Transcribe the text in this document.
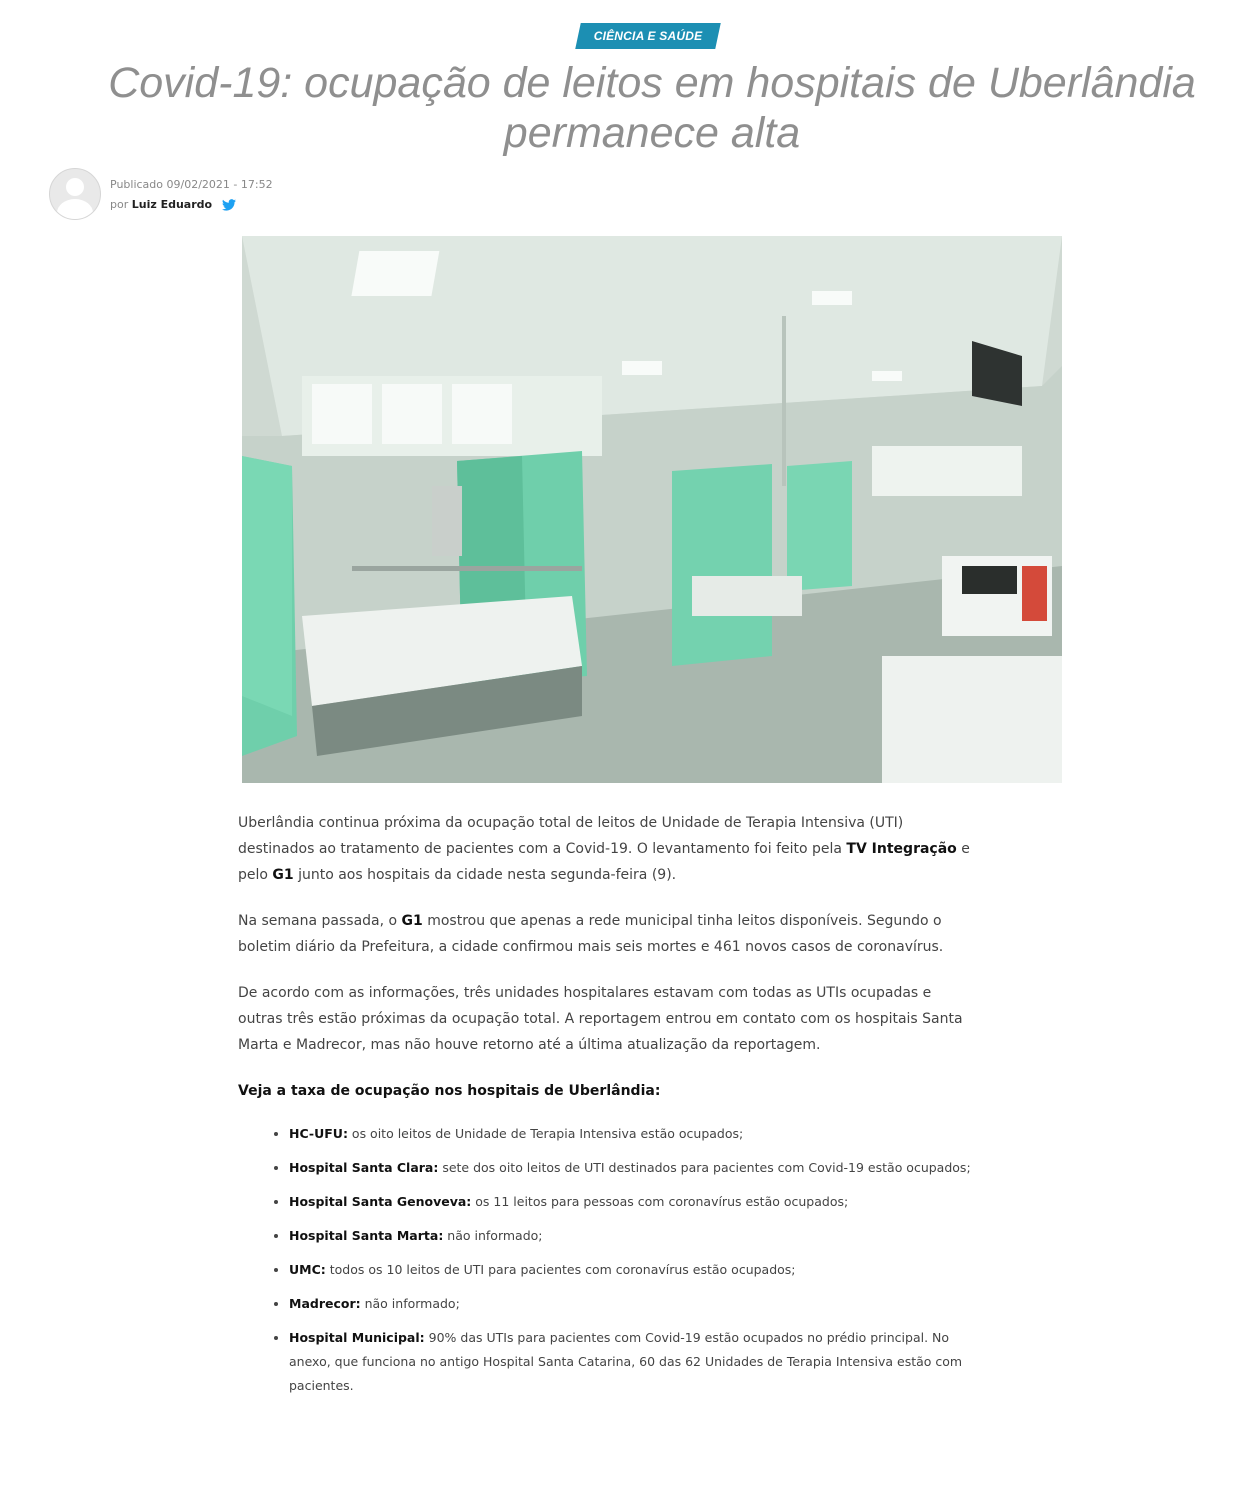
CIÊNCIA E SAÚDE
Covid-19: ocupação de leitos em hospitais de Uberlândia permanece alta
Publicado 09/02/2021 - 17:52
por Luiz Eduardo

Uberlândia continua próxima da ocupação total de leitos de Unidade de Terapia Intensiva (UTI) destinados ao tratamento de pacientes com a Covid-19. O levantamento foi feito pela TV Integração e pelo G1 junto aos hospitais da cidade nesta segunda-feira (9).

Na semana passada, o G1 mostrou que apenas a rede municipal tinha leitos disponíveis. Segundo o boletim diário da Prefeitura, a cidade confirmou mais seis mortes e 461 novos casos de coronavírus.

De acordo com as informações, três unidades hospitalares estavam com todas as UTIs ocupadas e outras três estão próximas da ocupação total. A reportagem entrou em contato com os hospitais Santa Marta e Madrecor, mas não houve retorno até a última atualização da reportagem.

Veja a taxa de ocupação nos hospitais de Uberlândia:

• HC-UFU: os oito leitos de Unidade de Terapia Intensiva estão ocupados;
• Hospital Santa Clara: sete dos oito leitos de UTI destinados para pacientes com Covid-19 estão ocupados;
• Hospital Santa Genoveva: os 11 leitos para pessoas com coronavírus estão ocupados;
• Hospital Santa Marta: não informado;
• UMC: todos os 10 leitos de UTI para pacientes com coronavírus estão ocupados;
• Madrecor: não informado;
• Hospital Municipal: 90% das UTIs para pacientes com Covid-19 estão ocupados no prédio principal. No anexo, que funciona no antigo Hospital Santa Catarina, 60 das 62 Unidades de Terapia Intensiva estão com pacientes.
